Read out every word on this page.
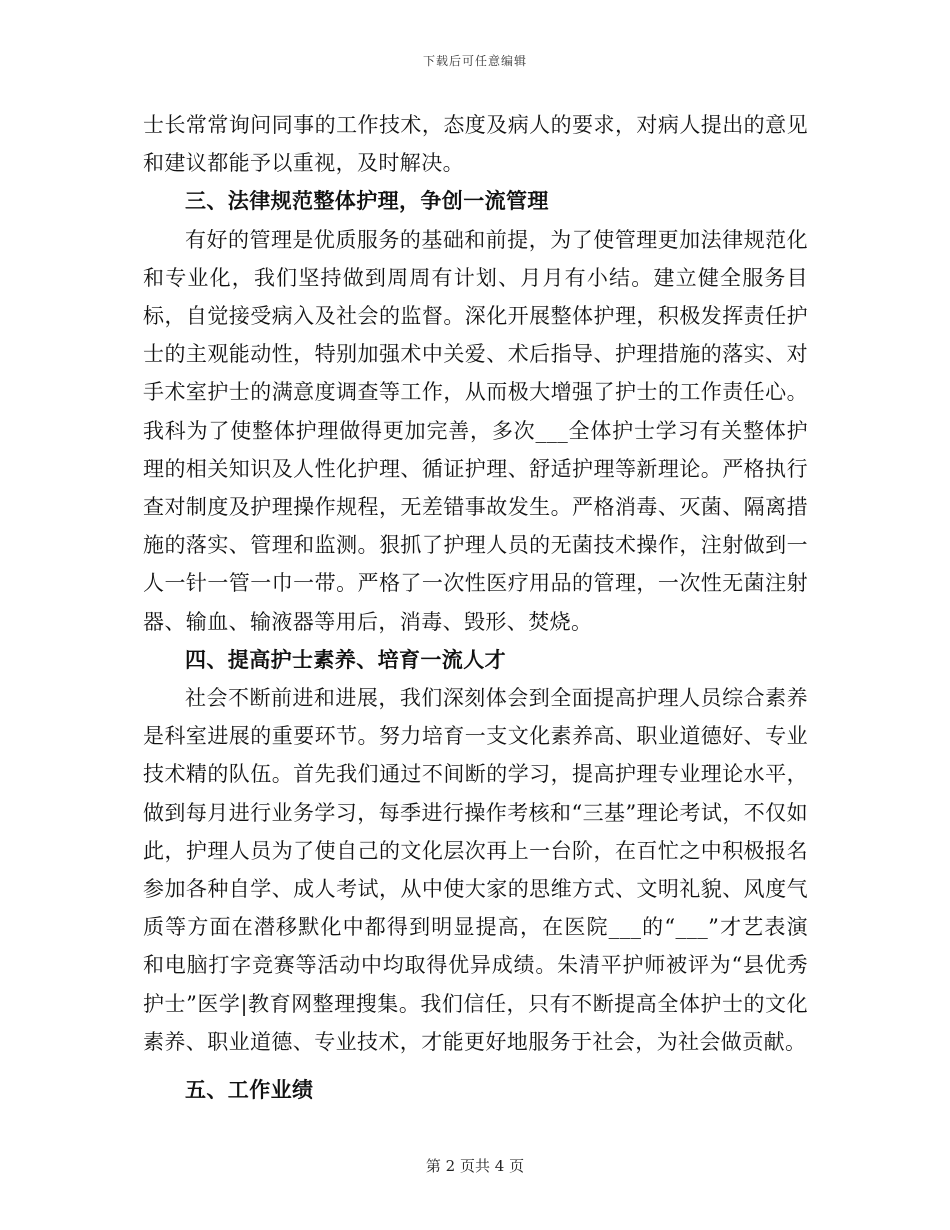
下载后可任意编辑

士长常常询问同事的工作技术，态度及病人的要求，对病人提出的意见和建议都能予以重视，及时解决。

三、法律规范整体护理，争创一流管理

有好的管理是优质服务的基础和前提，为了使管理更加法律规范化和专业化，我们坚持做到周周有计划、月月有小结。建立健全服务目标，自觉接受病入及社会的监督。深化开展整体护理，积极发挥责任护士的主观能动性，特别加强术中关爱、术后指导、护理措施的落实、对手术室护士的满意度调查等工作，从而极大增强了护士的工作责任心。我科为了使整体护理做得更加完善，多次___全体护士学习有关整体护理的相关知识及人性化护理、循证护理、舒适护理等新理论。严格执行查对制度及护理操作规程，无差错事故发生。严格消毒、灭菌、隔离措施的落实、管理和监测。狠抓了护理人员的无菌技术操作，注射做到一人一针一管一巾一带。严格了一次性医疗用品的管理，一次性无菌注射器、输血、输液器等用后，消毒、毁形、焚烧。

四、提高护士素养、培育一流人才

社会不断前进和进展，我们深刻体会到全面提高护理人员综合素养是科室进展的重要环节。努力培育一支文化素养高、职业道德好、专业技术精的队伍。首先我们通过不间断的学习，提高护理专业理论水平，做到每月进行业务学习，每季进行操作考核和“三基”理论考试，不仅如此，护理人员为了使自己的文化层次再上一台阶，在百忙之中积极报名参加各种自学、成人考试，从中使大家的思维方式、文明礼貌、风度气质等方面在潜移默化中都得到明显提高，在医院___的“___”才艺表演和电脑打字竞赛等活动中均取得优异成绩。朱清平护师被评为“县优秀护士”医学|教育网整理搜集。我们信任，只有不断提高全体护士的文化素养、职业道德、专业技术，才能更好地服务于社会，为社会做贡献。

五、工作业绩

第 2 页共 4 页
